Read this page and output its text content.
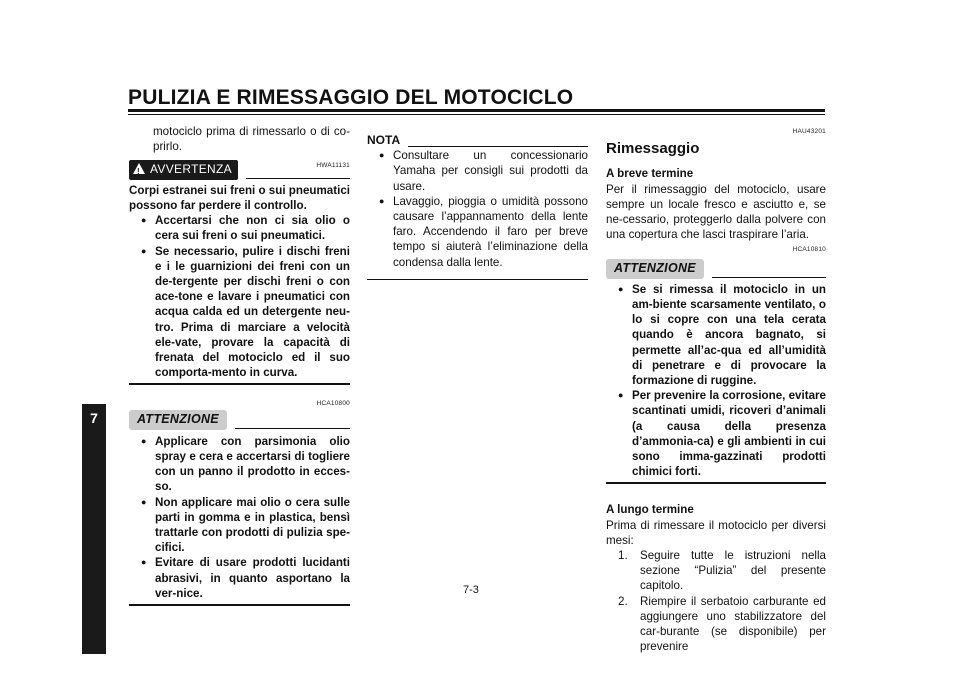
PULIZIA E RIMESSAGGIO DEL MOTOCICLO
7

motociclo prima di rimessarlo o di co-prirlo.

!AVVERTENZA	HWA11131

Corpi estranei sui freni o sui pneumatici possono far perdere il controllo.

● Accertarsi che non ci sia olio o cera sui freni o sui pneumatici.
● Se necessario, pulire i dischi freni e i le guarnizioni dei freni con un de-tergente per dischi freni o con ace-tone e lavare i pneumatici con acqua calda ed un detergente neu-tro. Prima di marciare a velocità ele-vate, provare la capacità di frenata del motociclo ed il suo comporta-mento in curva.
HCA10800
ATTENZIONE
● Applicare con parsimonia olio spray e cera e accertarsi di togliere con un panno il prodotto in ecces-so.
● Non applicare mai olio o cera sulle parti in gomma e in plastica, bensì trattarle con prodotti di pulizia spe-cifici.
● Evitare di usare prodotti lucidanti abrasivi, in quanto asportano la ver-nice.
NOTA
● Consultare un concessionario Yamaha per consigli sui prodotti da usare.
● Lavaggio, pioggia o umidità possono causare l’appannamento della lente faro. Accendendo il faro per breve tempo si aiuterà l’eliminazione della condensa dalla lente.
HAU43201
Rimessaggio

A breve termine

Per il rimessaggio del motociclo, usare sempre un locale fresco e asciutto e, se ne-cessario, proteggerlo dalla polvere con una copertura che lasci traspirare l’aria.

HCA10810
ATTENZIONE
● Se si rimessa il motociclo in un am-biente scarsamente ventilato, o lo si copre con una tela cerata quando è ancora bagnato, si permette all’ac-qua ed all’umidità di penetrare e di provocare la formazione di ruggine.
● Per prevenire la corrosione, evitare scantinati umidi, ricoveri d’animali (a causa della presenza d’ammonia-ca) e gli ambienti in cui sono imma-gazzinati prodotti chimici forti.

A lungo termine

Prima di rimessare il motociclo per diversi mesi:

1. Seguire tutte le istruzioni nella sezione “Pulizia” del presente capitolo.
2. Riempire il serbatoio carburante ed aggiungere uno stabilizzatore del car-burante (se disponibile) per prevenire
7-3
